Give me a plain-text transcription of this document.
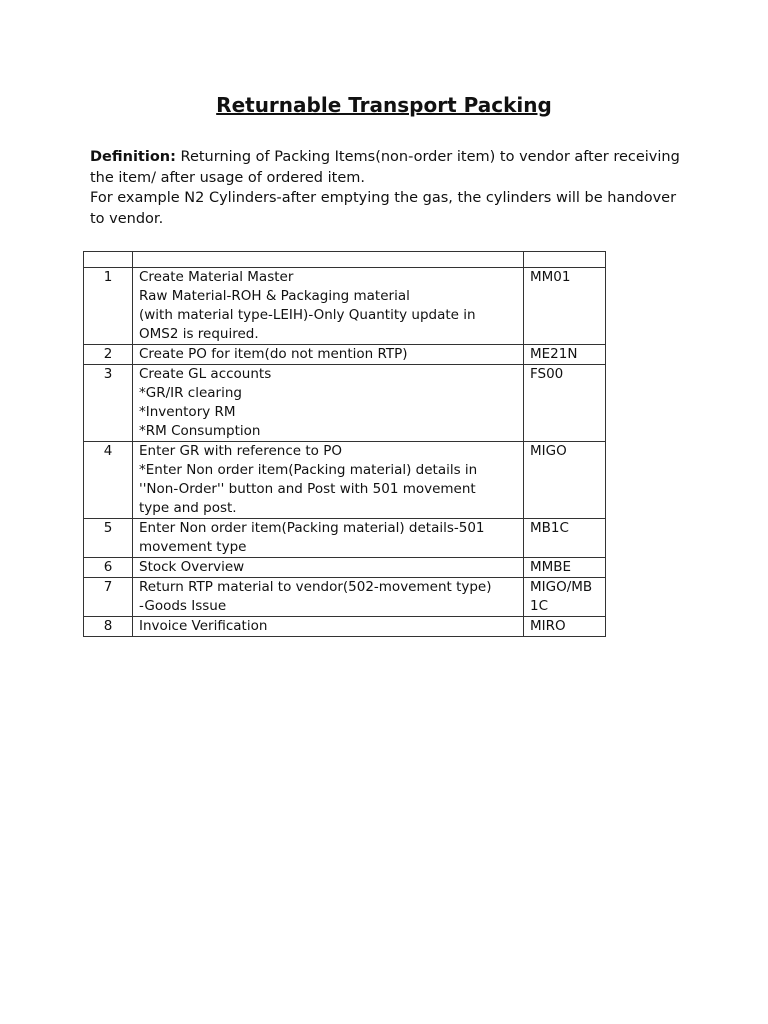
Returnable Transport Packing

Definition: Returning of Packing Items(non-order item) to vendor after receiving the item/ after usage of ordered item.

For example N2 Cylinders-after emptying the gas, the cylinders will be handover to vendor.

1	Create Material Master
Raw Material-ROH & Packaging material
(with material type-LEIH)-Only Quantity update in
OMS2 is required.	MM01
2	Create PO for item(do not mention RTP)	ME21N
3	Create GL accounts
*GR/IR clearing
*Inventory RM
*RM Consumption	FS00
4	Enter GR with reference to PO
*Enter Non order item(Packing material) details in
''Non-Order'' button and Post with 501 movement
type and post.	MIGO
5	Enter Non order item(Packing material) details-501
movement type	MB1C
6	Stock Overview	MMBE
7	Return RTP material to vendor(502-movement type)
-Goods Issue	MIGO/MB 1C
8	Invoice Verification	MIRO
